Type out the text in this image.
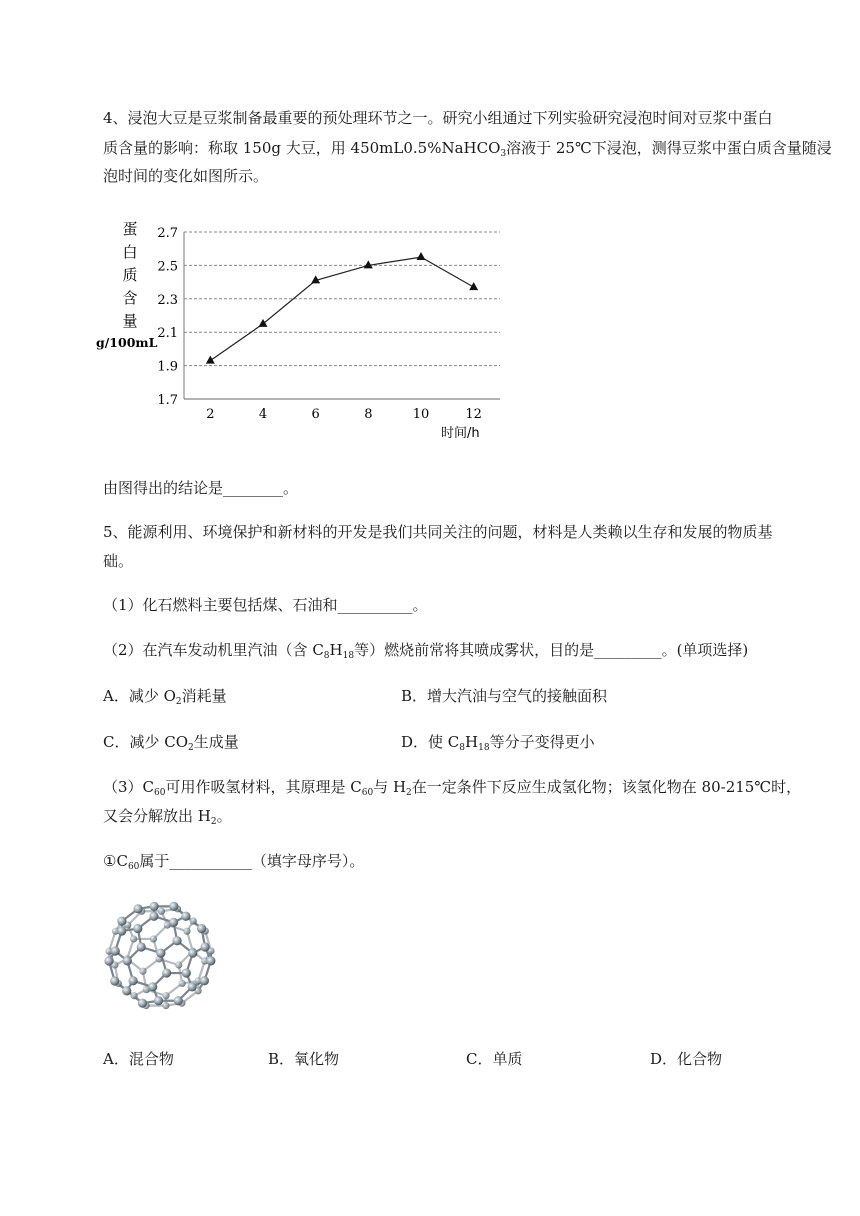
4、浸泡大豆是豆浆制备最重要的预处理环节之一。研究小组通过下列实验研究浸泡时间对豆浆中蛋白
质含量的影响：称取 150g 大豆，用 450mL0.5%NaHCO$_3$溶液于 25℃下浸泡，测得豆浆中蛋白质含量随浸
泡时间的变化如图所示。
蛋
白
质
含
量
g/100mL
2.7
2.5
2.3
2.1
1.9
1.7
2	4	6	8	10	12
时间/h
由图得出的结论是________。
5、能源利用、环境保护和新材料的开发是我们共同关注的问题，材料是人类赖以生存和发展的物质基
础。
（1）化石燃料主要包括煤、石油和__________。
（2）在汽车发动机里汽油（含 $C_8H_{18}$等）燃烧前常将其喷成雾状，目的是_________。(单项选择)
A．减少 $O_2$消耗量	B．增大汽油与空气的接触面积
C．减少 $CO_2$生成量	D．使 $C_8H_{18}$等分子变得更小
$(3)C_{60}$可用作吸氢材料，其原理是 $C_{60}$与 $H_2$在一定条件下反应生成氢化物；该氢化物在 80-215℃时，
又会分解放出 $H_2$。
$①C_{60}$属于___________（填字母序号）。
A．混合物	B．氧化物	C．单质	D．化合物
